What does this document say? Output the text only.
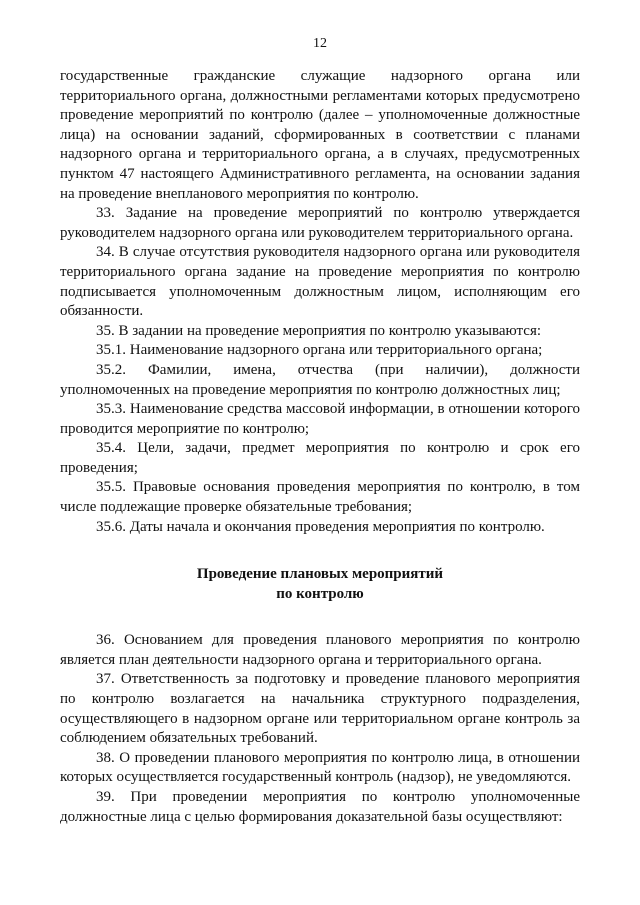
12

государственные гражданские служащие надзорного органа или территориального органа, должностными регламентами которых предусмотрено проведение мероприятий по контролю (далее – уполномоченные должностные лица) на основании заданий, сформированных в соответствии с планами надзорного органа и территориального органа, а в случаях, предусмотренных пунктом 47 настоящего Административного регламента, на основании задания на проведение внепланового мероприятия по контролю.

33. Задание на проведение мероприятий по контролю утверждается руководителем надзорного органа или руководителем территориального органа.

34. В случае отсутствия руководителя надзорного органа или руководителя территориального органа задание на проведение мероприятия по контролю подписывается уполномоченным должностным лицом, исполняющим его обязанности.

35. В задании на проведение мероприятия по контролю указываются:

35.1. Наименование надзорного органа или территориального органа;

35.2. Фамилии, имена, отчества (при наличии), должности уполномоченных на проведение мероприятия по контролю должностных лиц;

35.3. Наименование средства массовой информации, в отношении которого проводится мероприятие по контролю;

35.4. Цели, задачи, предмет мероприятия по контролю и срок его проведения;

35.5. Правовые основания проведения мероприятия по контролю, в том числе подлежащие проверке обязательные требования;

35.6. Даты начала и окончания проведения мероприятия по контролю.

Проведение плановых мероприятий
по контролю

36. Основанием для проведения планового мероприятия по контролю является план деятельности надзорного органа и территориального органа.

37. Ответственность за подготовку и проведение планового мероприятия по контролю возлагается на начальника структурного подразделения, осуществляющего в надзорном органе или территориальном органе контроль за соблюдением обязательных требований.

38. О проведении планового мероприятия по контролю лица, в отношении которых осуществляется государственный контроль (надзор), не уведомляются.

39. При проведении мероприятия по контролю уполномоченные должностные лица с целью формирования доказательной базы осуществляют:
